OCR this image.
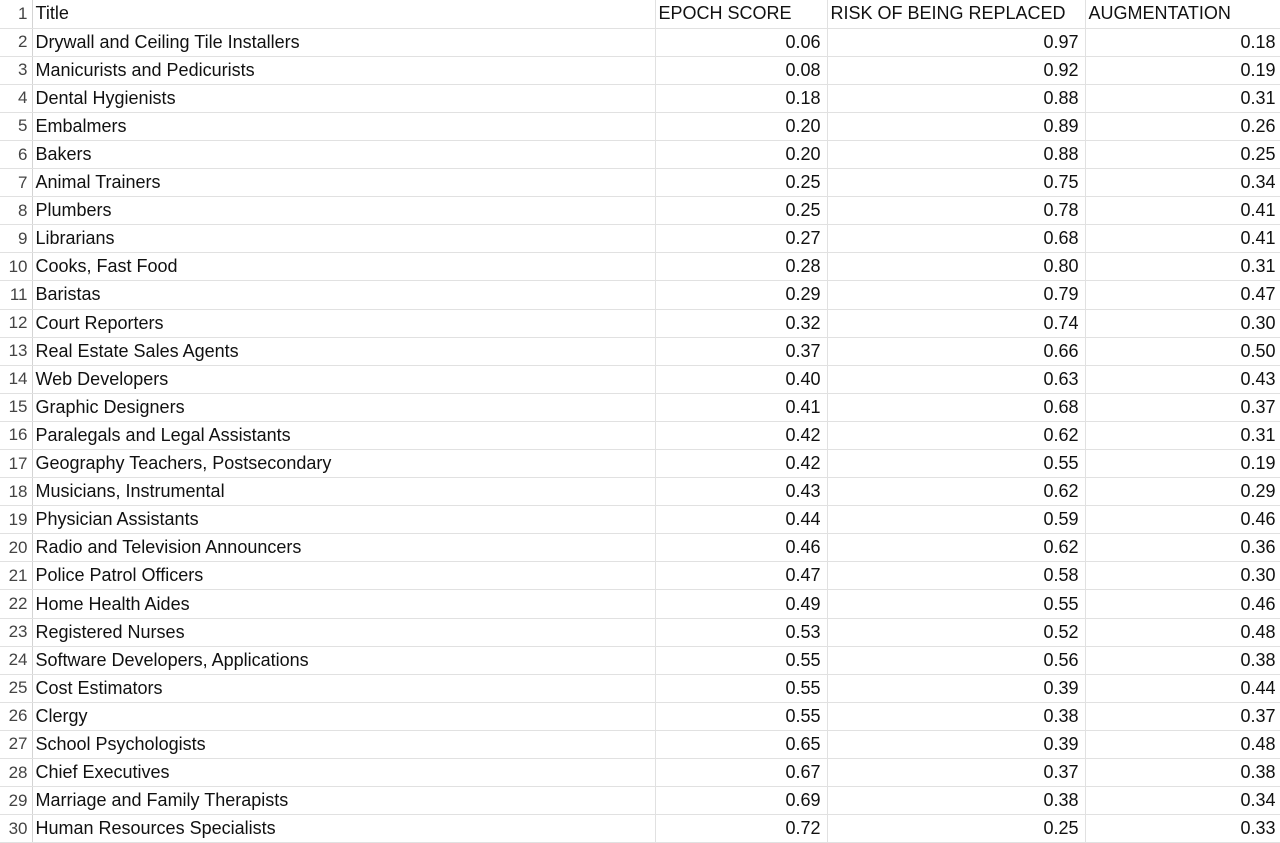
1	Title	EPOCH SCORE	RISK OF BEING REPLACED	AUGMENTATION
2	Drywall and Ceiling Tile Installers	0.06	0.97	0.18
3	Manicurists and Pedicurists	0.08	0.92	0.19
4	Dental Hygienists	0.18	0.88	0.31
5	Embalmers	0.20	0.89	0.26
6	Bakers	0.20	0.88	0.25
7	Animal Trainers	0.25	0.75	0.34
8	Plumbers	0.25	0.78	0.41
9	Librarians	0.27	0.68	0.41
10	Cooks, Fast Food	0.28	0.80	0.31
11	Baristas	0.29	0.79	0.47
12	Court Reporters	0.32	0.74	0.30
13	Real Estate Sales Agents	0.37	0.66	0.50
14	Web Developers	0.40	0.63	0.43
15	Graphic Designers	0.41	0.68	0.37
16	Paralegals and Legal Assistants	0.42	0.62	0.31
17	Geography Teachers, Postsecondary	0.42	0.55	0.19
18	Musicians, Instrumental	0.43	0.62	0.29
19	Physician Assistants	0.44	0.59	0.46
20	Radio and Television Announcers	0.46	0.62	0.36
21	Police Patrol Officers	0.47	0.58	0.30
22	Home Health Aides	0.49	0.55	0.46
23	Registered Nurses	0.53	0.52	0.48
24	Software Developers, Applications	0.55	0.56	0.38
25	Cost Estimators	0.55	0.39	0.44
26	Clergy	0.55	0.38	0.37
27	School Psychologists	0.65	0.39	0.48
28	Chief Executives	0.67	0.37	0.38
29	Marriage and Family Therapists	0.69	0.38	0.34
30	Human Resources Specialists	0.72	0.25	0.33
